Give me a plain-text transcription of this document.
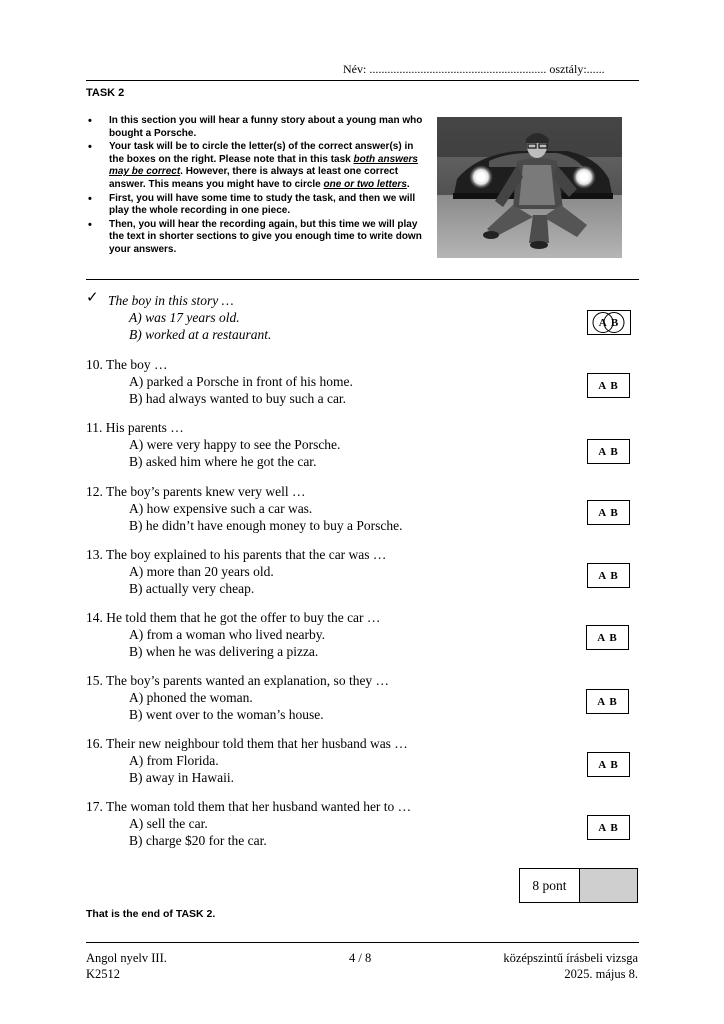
Név: ........................................................... osztály:......
TASK 2
• In this section you will hear a funny story about a young man who bought a Porsche.
• Your task will be to circle the letter(s) of the correct answer(s) in the boxes on the right. Please note that in this task both answers may be correct. However, there is always at least one correct answer. This means you might have to circle one or two letters.
• First, you will have some time to study the task, and then we will play the whole recording in one piece.
• Then, you will hear the recording again, but this time we will play the text in shorter sections to give you enough time to write down your answers.
✓ The boy in this story …
A) was 17 years old.
B) worked at a restaurant.
A B
10. The boy …
A) parked a Porsche in front of his home.
B) had always wanted to buy such a car.
A B
11. His parents …
A) were very happy to see the Porsche.
B) asked him where he got the car.
A B
12. The boy’s parents knew very well …
A) how expensive such a car was.
B) he didn’t have enough money to buy a Porsche.
A B
13. The boy explained to his parents that the car was …
A) more than 20 years old.
B) actually very cheap.
A B
14. He told them that he got the offer to buy the car …
A) from a woman who lived nearby.
B) when he was delivering a pizza.
A B
15. The boy’s parents wanted an explanation, so they …
A) phoned the woman.
B) went over to the woman’s house.
A B
16. Their new neighbour told them that her husband was …
A) from Florida.
B) away in Hawaii.
A B
17. The woman told them that her husband wanted her to …
A) sell the car.
B) charge $20 for the car.
A B
8 pont
That is the end of TASK 2.
Angol nyelv III.
K2512
4 / 8	középszintű írásbeli vizsga
2025. május 8.
